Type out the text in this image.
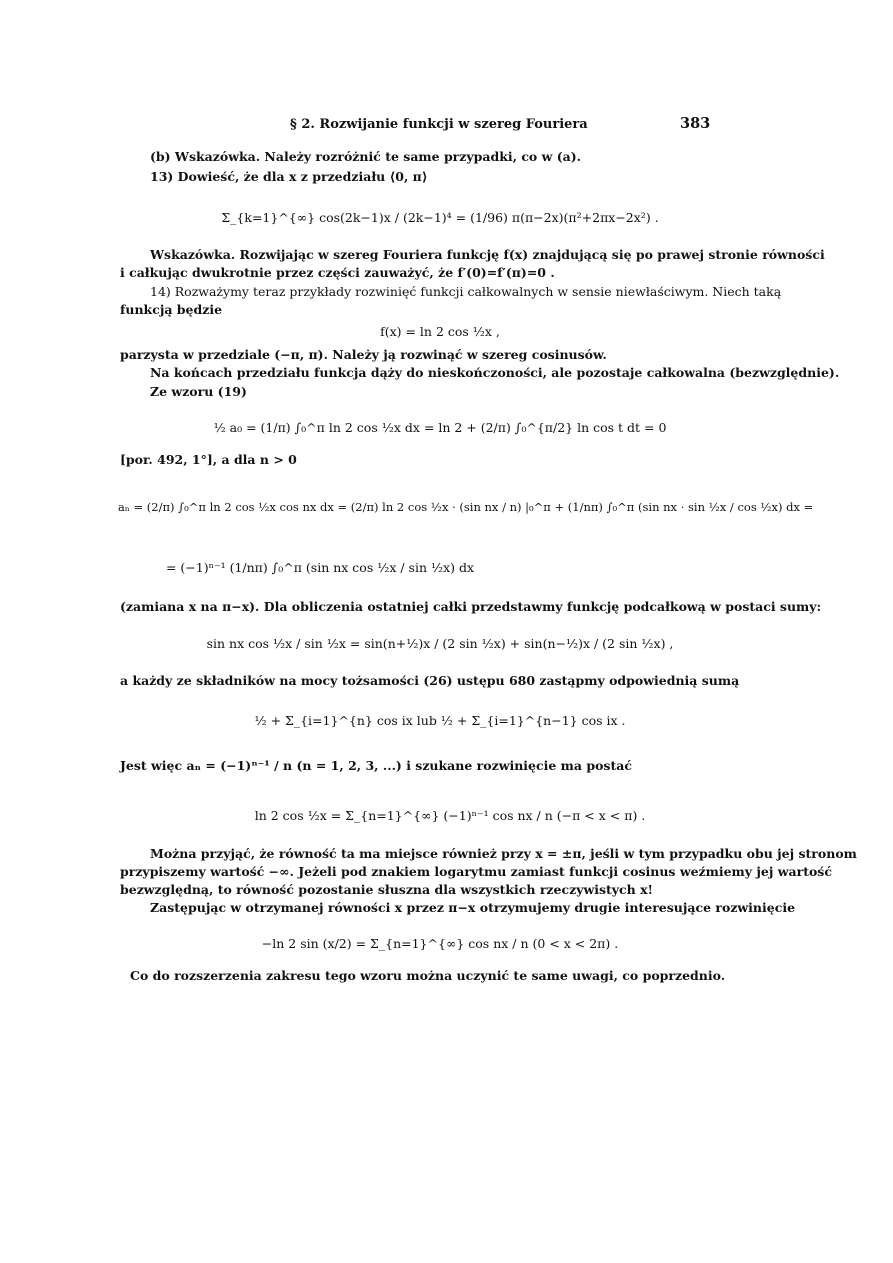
§ 2. Rozwijanie funkcji w szereg Fouriera	383
(b) Wskazówka. Należy rozróżnić te same przypadki, co w (a).
13) Dowieść, że dla x z przedziału ⟨0, π⟩
Σ_{k=1}^{∞} cos(2k−1)x / (2k−1)⁴ = (1/96) π(π−2x)(π²+2πx−2x²) .
Wskazówka. Rozwijając w szereg Fouriera funkcję f(x) znajdującą się po prawej stronie równości
i całkując dwukrotnie przez części zauważyć, że f′(0)=f′(π)=0 .
14) Rozważymy teraz przykłady rozwinięć funkcji całkowalnych w sensie niewłaściwym. Niech taką
funkcją będzie
f(x) = ln 2 cos ½x ,
parzysta w przedziale (−π, π). Należy ją rozwinąć w szereg cosinusów.
Na końcach przedziału funkcja dąży do nieskończoności, ale pozostaje całkowalna (bezwzględnie).
Ze wzoru (19)
½ a₀ = (1/π) ∫₀^π ln 2 cos ½x dx = ln 2 + (2/π) ∫₀^{π/2} ln cos t dt = 0
[por. 492, 1°], a dla n > 0
aₙ = (2/π) ∫₀^π ln 2 cos ½x cos nx dx = (2/π) ln 2 cos ½x · (sin nx / n) |₀^π + (1/nπ) ∫₀^π (sin nx · sin ½x / cos ½x) dx =
= (−1)ⁿ⁻¹ (1/nπ) ∫₀^π (sin nx cos ½x / sin ½x) dx
(zamiana x na π−x). Dla obliczenia ostatniej całki przedstawmy funkcję podcałkową w postaci sumy:
sin nx cos ½x / sin ½x = sin(n+½)x / (2 sin ½x) + sin(n−½)x / (2 sin ½x) ,
a każdy ze składników na mocy tożsamości (26) ustępu 680 zastąpmy odpowiednią sumą
½ + Σ_{i=1}^{n} cos ix lub ½ + Σ_{i=1}^{n−1} cos ix .
Jest więc aₙ = (−1)ⁿ⁻¹ / n (n = 1, 2, 3, ...) i szukane rozwinięcie ma postać
ln 2 cos ½x = Σ_{n=1}^{∞} (−1)ⁿ⁻¹ cos nx / n (−π < x < π) .
Można przyjąć, że równość ta ma miejsce również przy x = ±π, jeśli w tym przypadku obu jej stronom
przypiszemy wartość −∞. Jeżeli pod znakiem logarytmu zamiast funkcji cosinus weźmiemy jej wartość
bezwzględną, to równość pozostanie słuszna dla wszystkich rzeczywistych x!
Zastępując w otrzymanej równości x przez π−x otrzymujemy drugie interesujące rozwinięcie
−ln 2 sin (x/2) = Σ_{n=1}^{∞} cos nx / n (0 < x < 2π) .
Co do rozszerzenia zakresu tego wzoru można uczynić te same uwagi, co poprzednio.
